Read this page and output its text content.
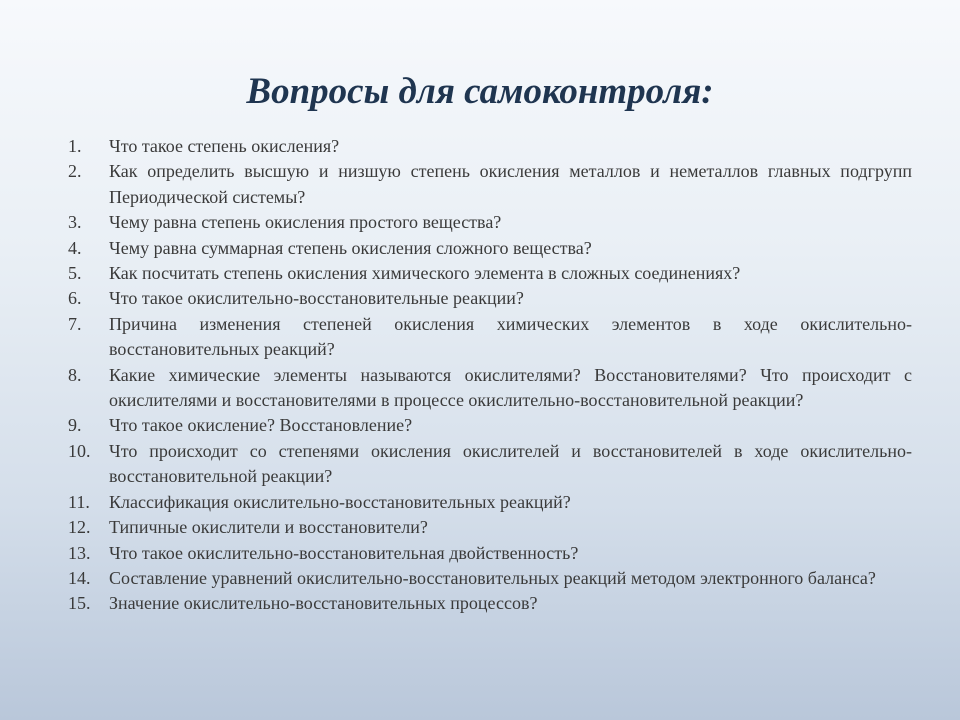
Вопросы для самоконтроля:
1.	Что такое степень окисления?
2.	Как определить высшую и низшую степень окисления металлов и неметаллов главных подгрупп Периодической системы?
3.	Чему равна степень окисления простого вещества?
4.	Чему равна суммарная степень окисления сложного вещества?
5.	Как посчитать степень окисления химического элемента в сложных соединениях?
6.	Что такое окислительно-восстановительные реакции?
7.	Причина изменения степеней окисления химических элементов в ходе окислительно-восстановительных реакций?
8.	Какие химические элементы называются окислителями? Восстановителями? Что происходит с окислителями и восстановителями в процессе окислительно-восстановительной реакции?
9.	Что такое окисление? Восстановление?
10.	Что происходит со степенями окисления окислителей и восстановителей в ходе окислительно-восстановительной реакции?
11.	Классификация окислительно-восстановительных реакций?
12.	Типичные окислители и восстановители?
13.	Что такое окислительно-восстановительная двойственность?
14.	Составление уравнений окислительно-восстановительных реакций методом электронного баланса?
15.	Значение окислительно-восстановительных процессов?
